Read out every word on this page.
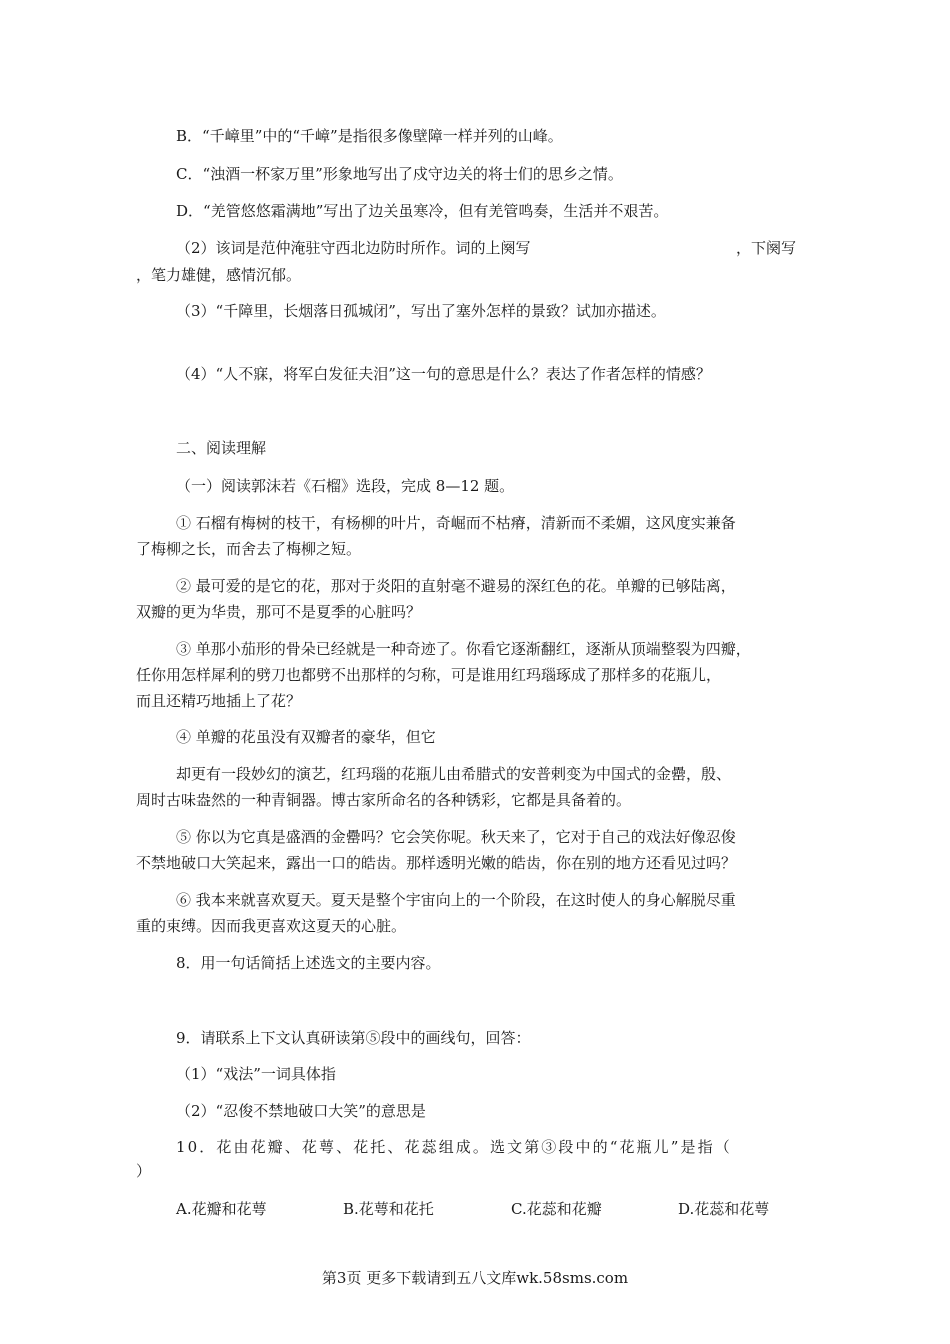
B．“千嶂里”中的“千嶂”是指很多像壁障一样并列的山峰。
C．“浊酒一杯家万里”形象地写出了戍守边关的将士们的思乡之情。
D．“羌管悠悠霜满地”写出了边关虽寒冷，但有羌管鸣奏，生活并不艰苦。
（2）该词是范仲淹驻守西北边防时所作。词的上阕写	，下阕写
，笔力雄健，感情沉郁。
（3）“千障里，长烟落日孤城闭”，写出了塞外怎样的景致？试加亦描述。
（4）“人不寐，将军白发征夫泪”这一句的意思是什么？表达了作者怎样的情感？
二、阅读理解
（一）阅读郭沫若《石榴》选段，完成 8—12 题。
① 石榴有梅树的枝干，有杨柳的叶片，奇崛而不枯瘠，清新而不柔媚，这风度实兼备
了梅柳之长，而舍去了梅柳之短。
② 最可爱的是它的花，那对于炎阳的直射毫不避易的深红色的花。单瓣的已够陆离，
双瓣的更为华贵，那可不是夏季的心脏吗？
③ 单那小茄形的骨朵已经就是一种奇迹了。你看它逐渐翻红，逐渐从顶端整裂为四瓣，
任你用怎样犀利的劈刀也都劈不出那样的匀称，可是谁用红玛瑙琢成了那样多的花瓶儿，
而且还精巧地插上了花？
④ 单瓣的花虽没有双瓣者的豪华，但它
却更有一段妙幻的演艺，红玛瑙的花瓶儿由希腊式的安普剌变为中国式的金罍，殷、
周时古味盎然的一种青铜器。博古家所命名的各种锈彩，它都是具备着的。
⑤ 你以为它真是盛酒的金罍吗？它会笑你呢。秋天来了，它对于自己的戏法好像忍俊
不禁地破口大笑起来，露出一口的皓齿。那样透明光嫩的皓齿，你在别的地方还看见过吗？
⑥ 我本来就喜欢夏天。夏天是整个宇宙向上的一个阶段，在这时使人的身心解脱尽重
重的束缚。因而我更喜欢这夏天的心脏。
8．用一句话简括上述选文的主要内容。
9．请联系上下文认真研读第⑤段中的画线句，回答：
（1）“戏法”一词具体指
（2）“忍俊不禁地破口大笑”的意思是
10．花由花瓣、花萼、花托、花蕊组成。选文第③段中的“花瓶儿”是指（
）
A.花瓣和花萼	B.花萼和花托	C.花蕊和花瓣	D.花蕊和花萼
第3页 更多下载请到五八文库wk.58sms.com
